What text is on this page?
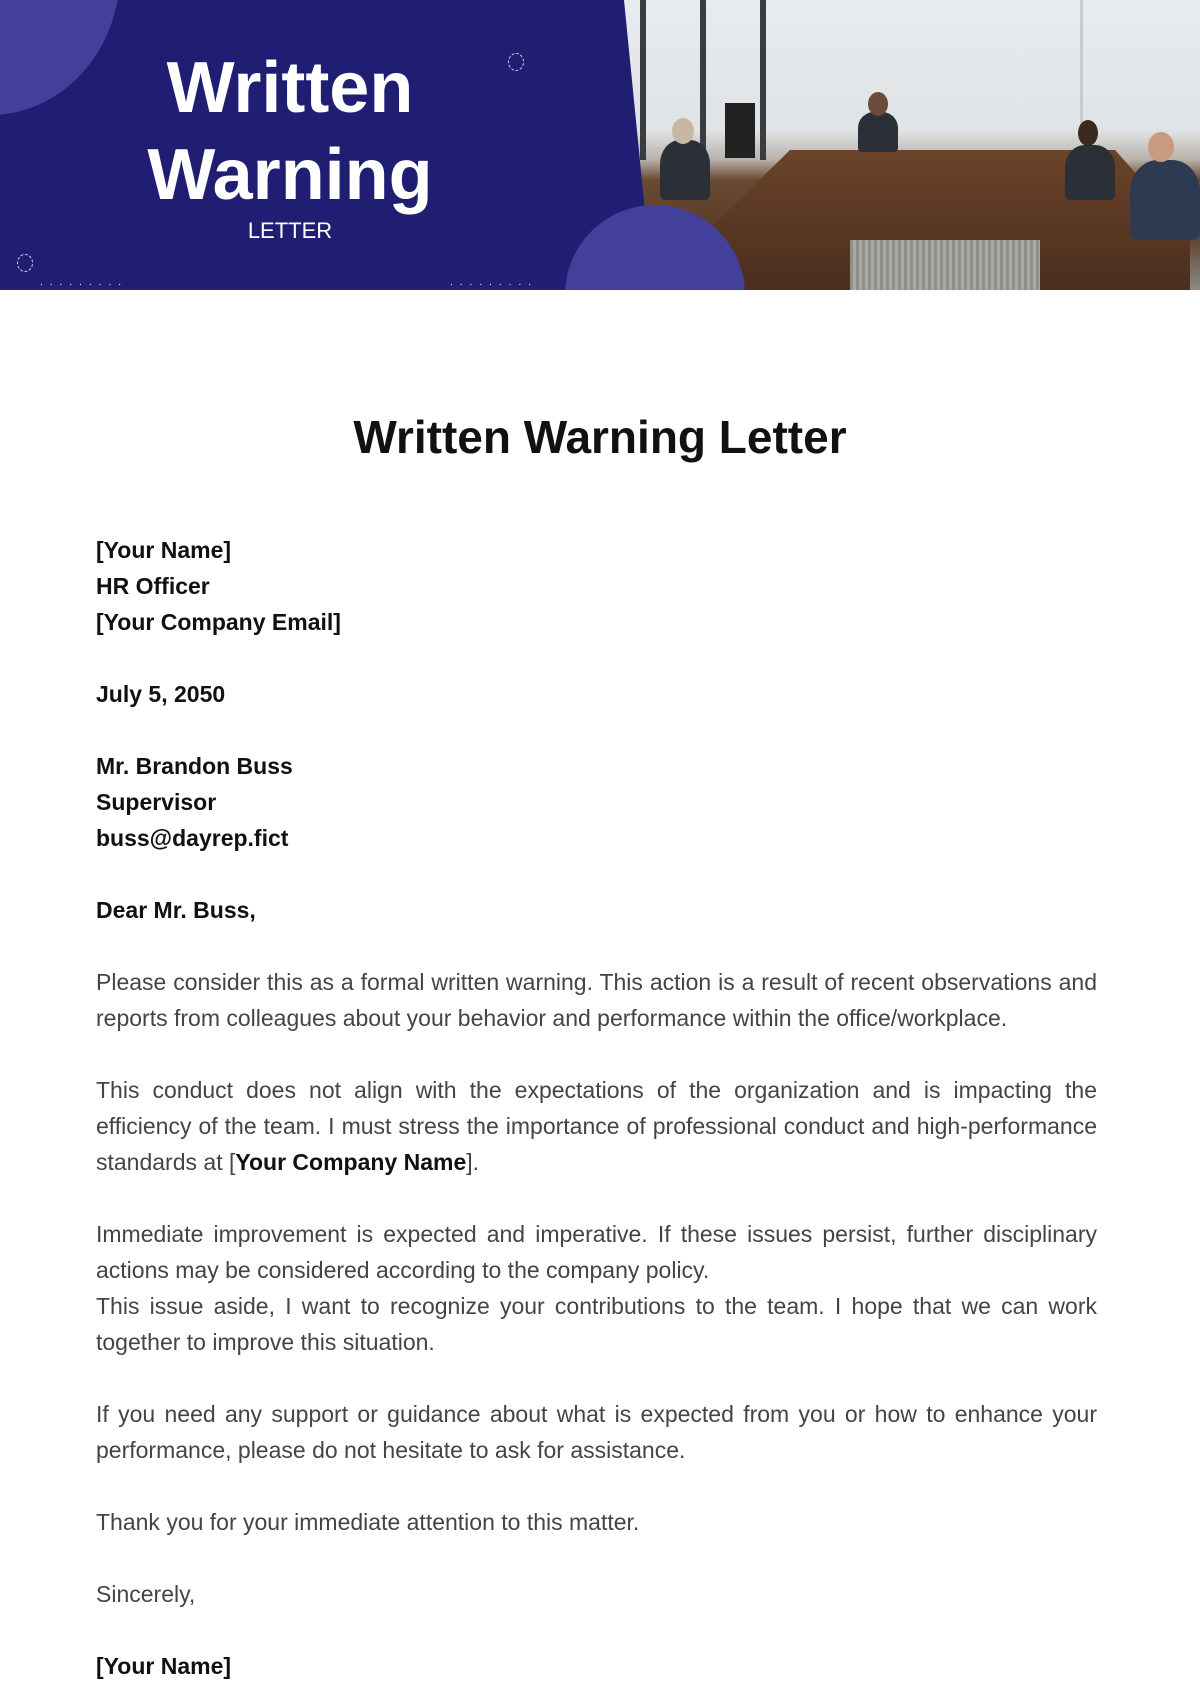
.........	.........
Written
Warning
LETTER
Written Warning Letter

[Your Name]

HR Officer

[Your Company Email]

July 5, 2050

Mr. Brandon Buss

Supervisor

buss@dayrep.fict

Dear Mr. Buss,

Please consider this as a formal written warning. This action is a result of recent observations and reports from colleagues about your behavior and performance within the office/workplace.

This conduct does not align with the expectations of the organization and is impacting the efficiency of the team. I must stress the importance of professional conduct and high-performance standards at [Your Company Name].

Immediate improvement is expected and imperative. If these issues persist, further disciplinary actions may be considered according to the company policy.

This issue aside, I want to recognize your contributions to the team. I hope that we can work together to improve this situation.

If you need any support or guidance about what is expected from you or how to enhance your performance, please do not hesitate to ask for assistance.

Thank you for your immediate attention to this matter.

Sincerely,

[Your Name]
